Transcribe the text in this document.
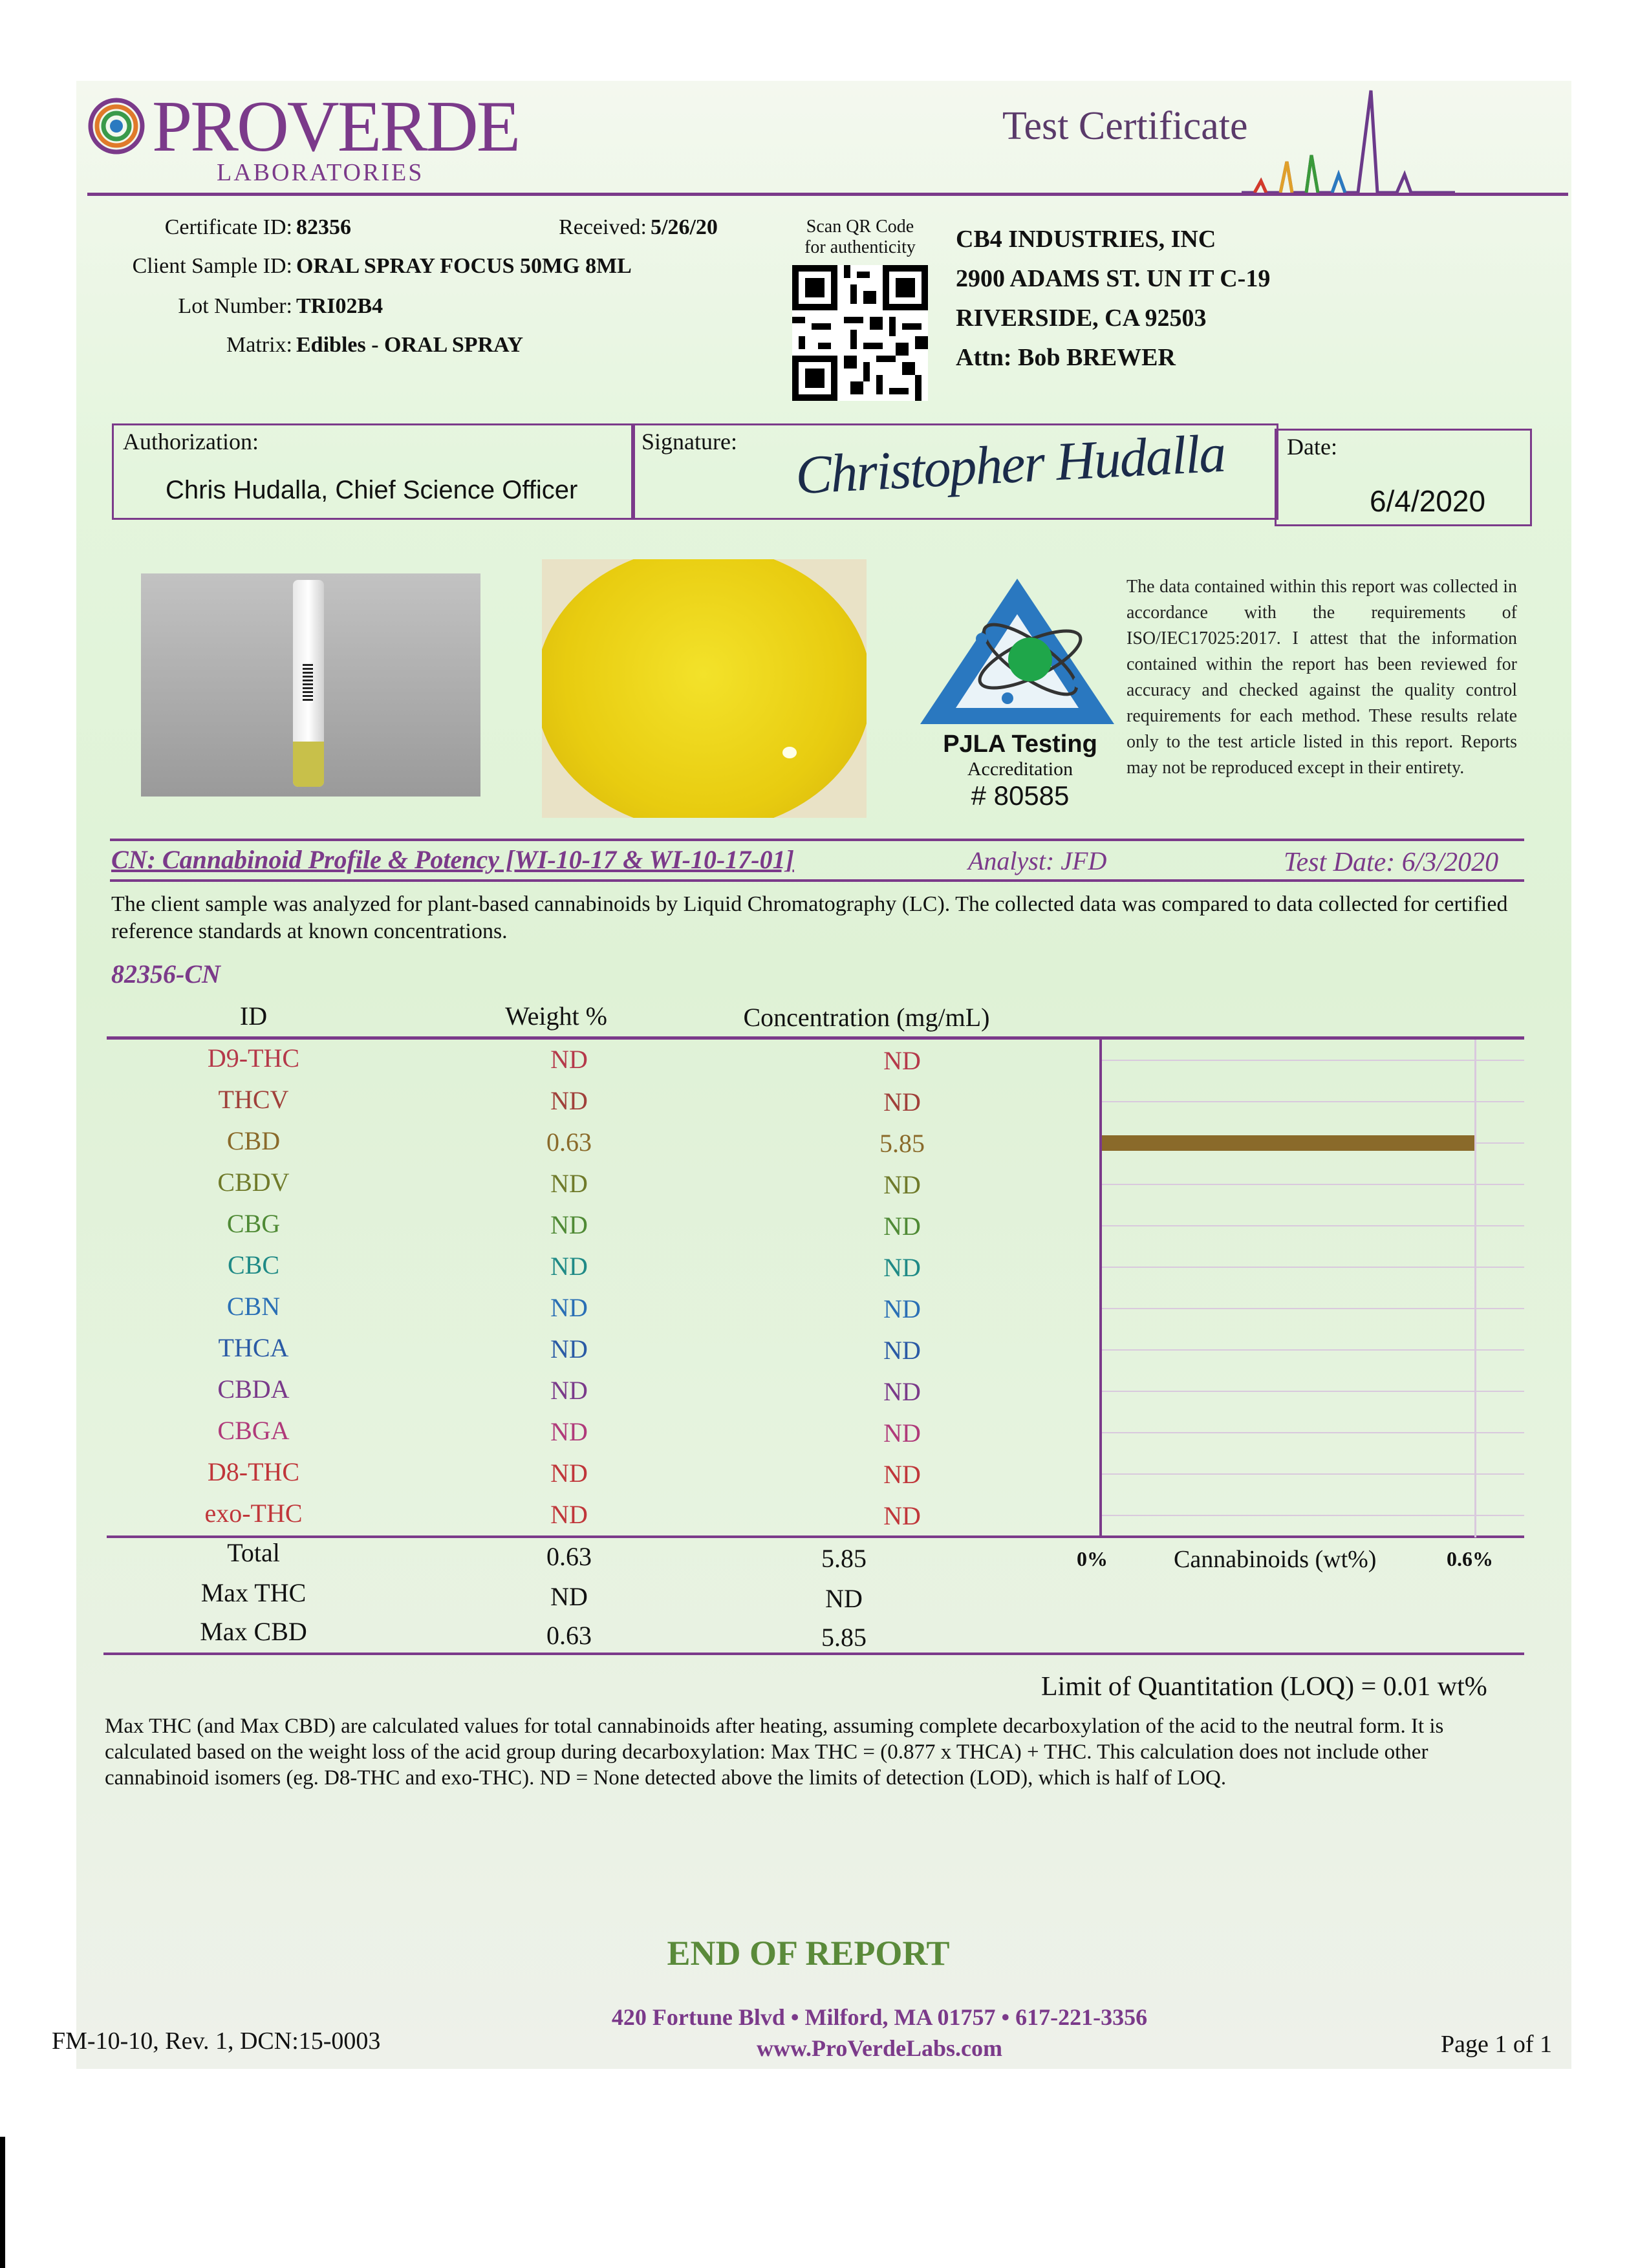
PROVERDE
LABORATORIES
Test Certificate
Certificate ID: 82356	Received: 5/26/20
Client Sample ID: ORAL SPRAY FOCUS 50MG 8ML
Lot Number: TRI02B4
Matrix: Edibles - ORAL SPRAY
Scan QR Code
for authenticity	CB4 INDUSTRIES, INC
2900 ADAMS ST. UN IT C-19
RIVERSIDE, CA 92503
Attn: Bob BREWER
Authorization:
Chris Hudalla, Chief Science Officer
Signature: Christopher Hudalla	Date:
6/4/2020
PJLA Testing
Accreditation
# 80585
The data contained within this report was collected in accordance with the requirements of ISO/IEC17025:2017. I attest that the information contained within the report has been reviewed for accuracy and checked against the quality control requirements for each method. These results relate only to the test article listed in this report. Reports may not be reproduced except in their entirety.
CN: Cannabinoid Profile & Potency [WI-10-17 & WI-10-17-01]	Analyst: JFD	Test Date: 6/3/2020
The client sample was analyzed for plant-based cannabinoids by Liquid Chromatography (LC). The collected data was compared to data collected for certified reference standards at known concentrations.
82356-CN
ID	Weight %	Concentration (mg/mL)
D9-THC	ND	ND
THCV	ND	ND
CBD	0.63	5.85
CBDV	ND	ND
CBG	ND	ND
CBC	ND	ND
CBN	ND	ND
THCA	ND	ND
CBDA	ND	ND
CBGA	ND	ND
D8-THC	ND	ND
exo-THC	ND	ND
0%	Cannabinoids (wt%)	0.6%
Total	0.63	5.85
Max THC	ND	ND
Max CBD	0.63	5.85
Limit of Quantitation (LOQ) = 0.01 wt%
Max THC (and Max CBD) are calculated values for total cannabinoids after heating, assuming complete decarboxylation of the acid to the neutral form. It is calculated based on the weight loss of the acid group during decarboxylation: Max THC = (0.877 x THCA) + THC. This calculation does not include other cannabinoid isomers (eg. D8-THC and exo-THC). ND = None detected above the limits of detection (LOD), which is half of LOQ.
END OF REPORT
FM-10-10, Rev. 1, DCN:15-0003
420 Fortune Blvd • Milford, MA 01757 • 617-221-3356
www.ProVerdeLabs.com	Page 1 of 1
